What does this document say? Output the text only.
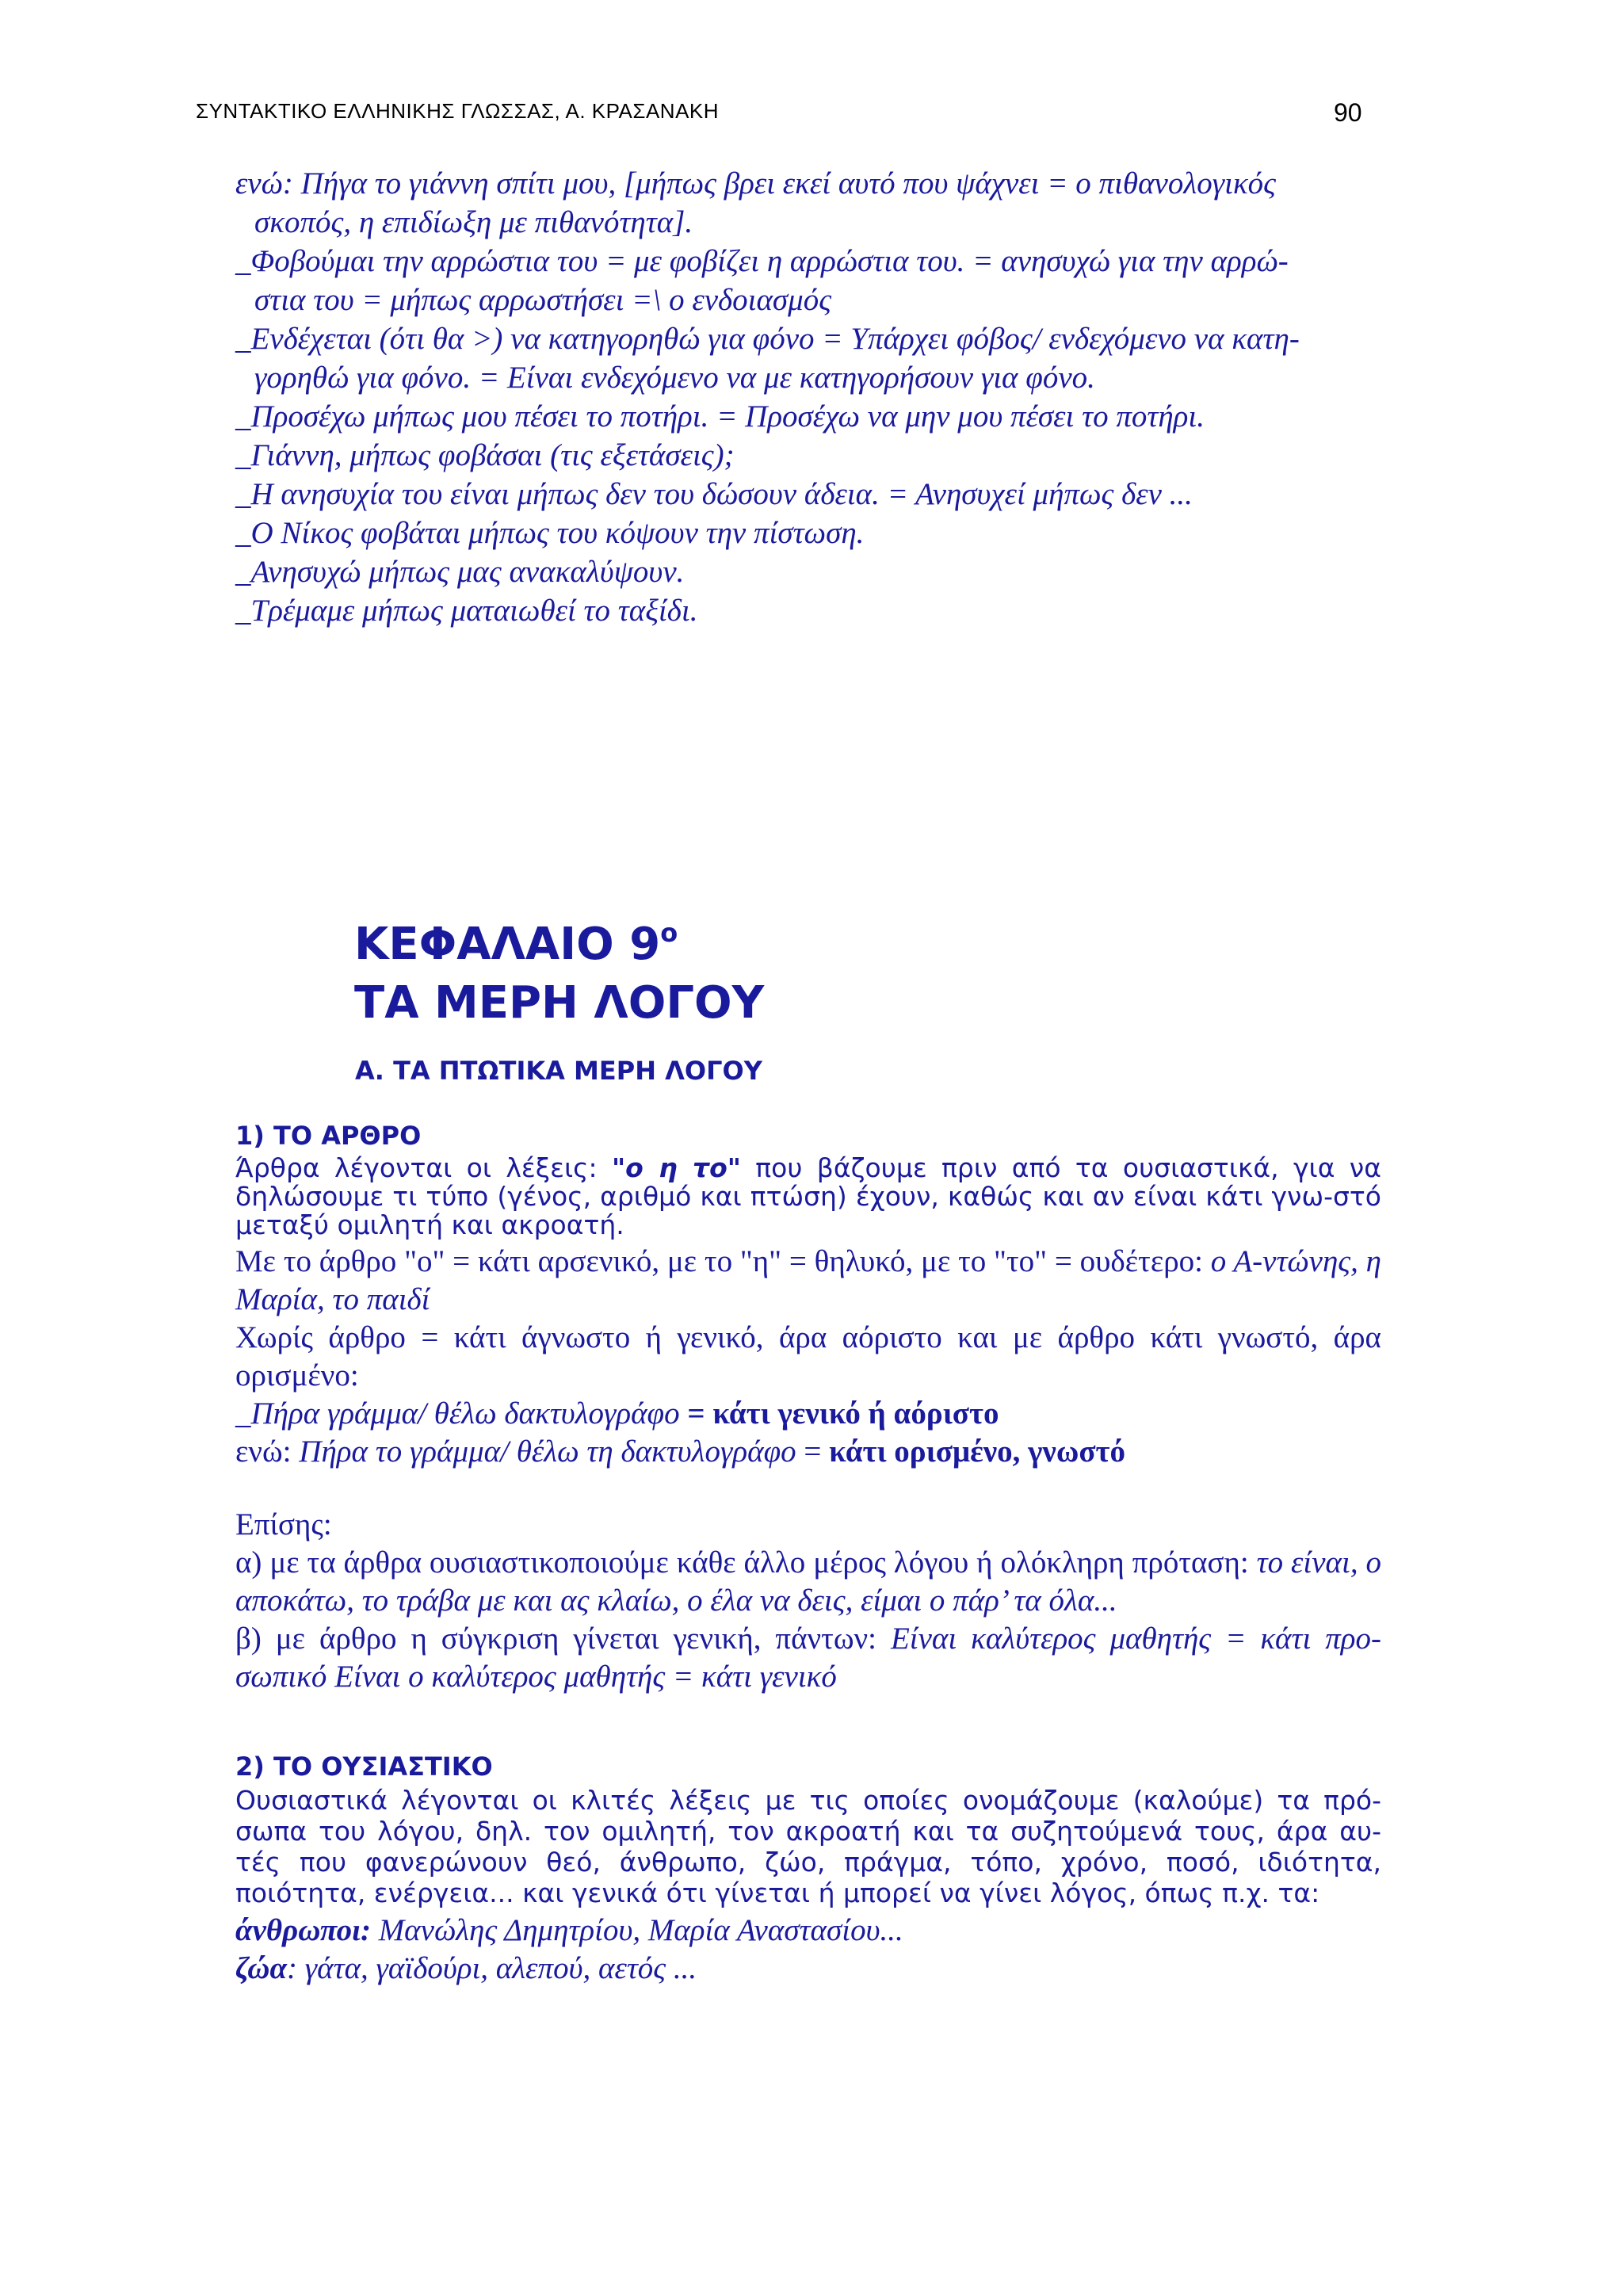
ΣΥΝΤΑΚΤΙΚΟ ΕΛΛΗΝΙΚΗΣ ΓΛΩΣΣΑΣ, Α. ΚΡΑΣΑΝΑΚΗ	90

ενώ: Πήγα το γιάννη σπίτι μου, [μήπως βρει εκεί αυτό που ψάχνει = ο πιθανολογικός
σκοπός, η επιδίωξη με πιθανότητα].

_Φοβούμαι την αρρώστια του = με φοβίζει η αρρώστια του. = ανησυχώ για την αρρώ-
στια του = μήπως αρρωστήσει =\ ο ενδοιασμός

_Ενδέχεται (ότι θα >) να κατηγορηθώ για φόνο = Υπάρχει φόβος/ ενδεχόμενο να κατη-
γορηθώ για φόνο. = Είναι ενδεχόμενο να με κατηγορήσουν για φόνο.

_Προσέχω μήπως μου πέσει το ποτήρι. = Προσέχω να μην μου πέσει το ποτήρι.

_Γιάννη, μήπως φοβάσαι (τις εξετάσεις);

_Η ανησυχία του είναι μήπως δεν του δώσουν άδεια. = Ανησυχεί μήπως δεν ...

_Ο Νίκος φοβάται μήπως του κόψουν την πίστωση.

_Ανησυχώ μήπως μας ανακαλύψουν.

_Τρέμαμε μήπως ματαιωθεί το ταξίδι.

ΚΕΦΑΛΑΙΟ $9^o$
ΤΑ ΜΕΡΗ ΛΟΓΟΥ
Α. ΤΑ ΠΤΩΤΙΚΑ ΜΕΡΗ ΛΟΓΟΥ
1) ΤΟ ΑΡΘΡΟ

Άρθρα λέγονται οι λέξεις: "ο η το" που βάζουμε πριν από τα ουσιαστικά, για να δηλώσουμε τι τύπο (γένος, αριθμό και πτώση) έχουν, καθώς και αν είναι κάτι γνω-στό μεταξύ ομιλητή και ακροατή.

Με το άρθρο "ο" = κάτι αρσενικό, με το "η" = θηλυκό, με το "το" = ουδέτερο: ο Α-ντώνης, η Μαρία, το παιδί

Χωρίς άρθρο = κάτι άγνωστο ή γενικό, άρα αόριστο και με άρθρο κάτι γνωστό, άρα ορισμένο:

_Πήρα γράμμα/ θέλω δακτυλογράφο = κάτι γενικό ή αόριστο

ενώ: Πήρα το γράμμα/ θέλω τη δακτυλογράφο = κάτι ορισμένο, γνωστό

Επίσης:

α) με τα άρθρα ουσιαστικοποιούμε κάθε άλλο μέρος λόγου ή ολόκληρη πρόταση: το είναι, ο αποκάτω, το τράβα με και ας κλαίω, ο έλα να δεις, είμαι ο πάρ’ τα όλα...

β) με άρθρο η σύγκριση γίνεται γενική, πάντων: Είναι καλύτερος μαθητής = κάτι προ-σωπικό Είναι ο καλύτερος μαθητής = κάτι γενικό

2) ΤΟ ΟΥΣΙΑΣΤΙΚΟ

Ουσιαστικά λέγονται οι κλιτές λέξεις με τις οποίες ονομάζουμε (καλούμε) τα πρό-σωπα του λόγου, δηλ. τον ομιλητή, τον ακροατή και τα συζητούμενά τους, άρα αυ-τές που φανερώνουν θεό, άνθρωπο, ζώο, πράγμα, τόπο, χρόνο, ποσό, ιδιότητα, ποιότητα, ενέργεια... και γενικά ότι γίνεται ή μπορεί να γίνει λόγος, όπως π.χ. τα:

άνθρωποι: Μανώλης Δημητρίου, Μαρία Αναστασίου...

ζώα: γάτα, γαϊδούρι, αλεπού, αετός ...
